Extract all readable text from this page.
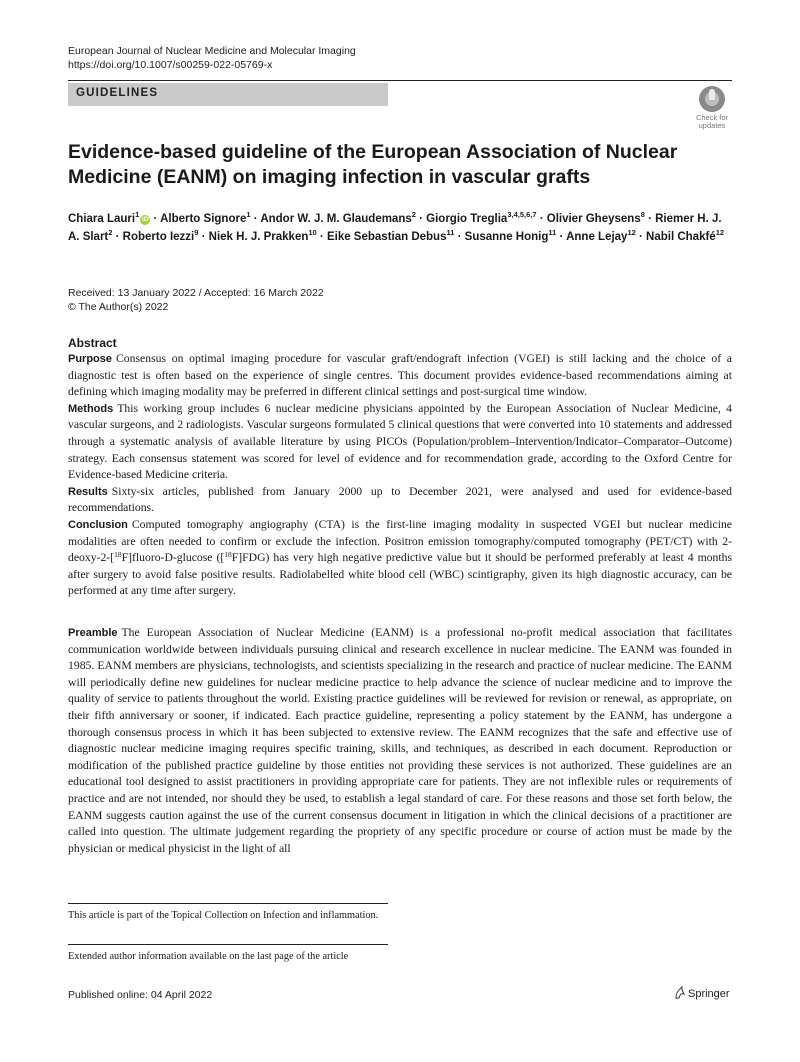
European Journal of Nuclear Medicine and Molecular Imaging
https://doi.org/10.1007/s00259-022-05769-x
GUIDELINES
Check for updates
Evidence-based guideline of the European Association of Nuclear Medicine (EANM) on imaging infection in vascular grafts
Chiara Lauri$^1$iD · Alberto Signore$^1$ · Andor W. J. M. Glaudemans$^2$ · Giorgio Treglia$^{3,4,5,6,7}$ · Olivier Gheysens$^8$ · Riemer H. J. A. Slart$^2$ · Roberto Iezzi$^9$ · Niek H. J. Prakken$^{10}$ · Eike Sebastian Debus$^{11}$ · Susanne Honig$^{11}$ · Anne Lejay$^{12}$ · Nabil Chakfé$^{12}$
Received: 13 January 2022 / Accepted: 16 March 2022
© The Author(s) 2022
Abstract

Purpose Consensus on optimal imaging procedure for vascular graft/endograft infection (VGEI) is still lacking and the choice of a diagnostic test is often based on the experience of single centres. This document provides evidence-based recommendations aiming at defining which imaging modality may be preferred in different clinical settings and post-surgical time window.

Methods This working group includes 6 nuclear medicine physicians appointed by the European Association of Nuclear Medicine, 4 vascular surgeons, and 2 radiologists. Vascular surgeons formulated 5 clinical questions that were converted into 10 statements and addressed through a systematic analysis of available literature by using PICOs (Population/problem–Intervention/Indicator–Comparator–Outcome) strategy. Each consensus statement was scored for level of evidence and for recommendation grade, according to the Oxford Centre for Evidence-based Medicine criteria.

Results Sixty-six articles, published from January 2000 up to December 2021, were analysed and used for evidence-based recommendations.

Conclusion Computed tomography angiography (CTA) is the first-line imaging modality in suspected VGEI but nuclear medicine modalities are often needed to confirm or exclude the infection. Positron emission tomography/computed tomography (PET/CT) with 2-deoxy-2-[$^{18}$F]fluoro-D-glucose ([$^{18}$F]FDG) has very high negative predictive value but it should be performed preferably at least 4 months after surgery to avoid false positive results. Radiolabelled white blood cell (WBC) scintigraphy, given its high diagnostic accuracy, can be performed at any time after surgery.

Preamble The European Association of Nuclear Medicine (EANM) is a professional no-profit medical association that facilitates communication worldwide between individuals pursuing clinical and research excellence in nuclear medicine. The EANM was founded in 1985. EANM members are physicians, technologists, and scientists specializing in the research and practice of nuclear medicine. The EANM will periodically define new guidelines for nuclear medicine practice to help advance the science of nuclear medicine and to improve the quality of service to patients throughout the world. Existing practice guidelines will be reviewed for revision or renewal, as appropriate, on their fifth anniversary or sooner, if indicated. Each practice guideline, representing a policy statement by the EANM, has undergone a thorough consensus process in which it has been subjected to extensive review. The EANM recognizes that the safe and effective use of diagnostic nuclear medicine imaging requires specific training, skills, and techniques, as described in each document. Reproduction or modification of the published practice guideline by those entities not providing these services is not authorized. These guidelines are an educational tool designed to assist practitioners in providing appropriate care for patients. They are not inflexible rules or requirements of practice and are not intended, nor should they be used, to establish a legal standard of care. For these reasons and those set forth below, the EANM suggests caution against the use of the current consensus document in litigation in which the clinical decisions of a practitioner are called into question. The ultimate judgement regarding the propriety of any specific procedure or course of action must be made by the physician or medical physicist in the light of all

This article is part of the Topical Collection on Infection and inflammation.
Extended author information available on the last page of the article
Published online: 04 April 2022	Springer
